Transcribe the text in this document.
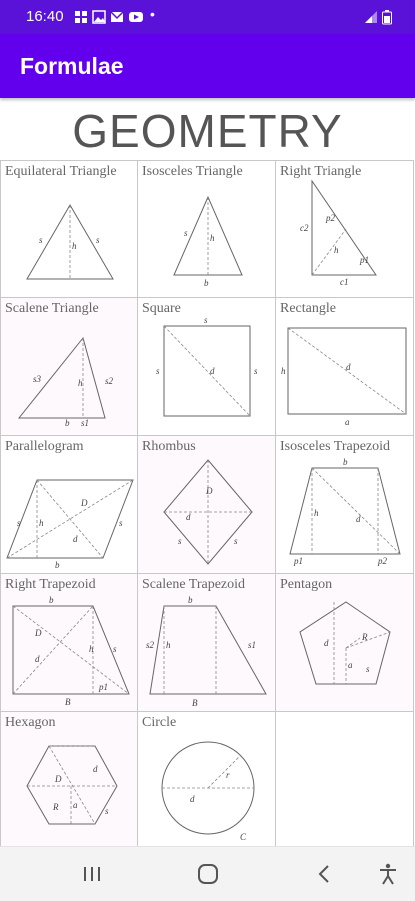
16:40	•
Formulae
GEOMETRY
Equilateral Triangle
s
h
s
Isosceles Triangle
s h
b
Right Triangle
c2
p2
h
p1
c1
Scalene Triangle
s3	h	s2
b s1
Square
s
s	d	s
Rectangle
h	d
a
Parallelogram
D
s h
d
s
b
Rhombus
D
d
s	s
Isosceles Trapezoid
b
h
d
p1	p2
Right Trapezoid
b
D
d
h s
p1
B
Scalene Trapezoid
b
s2 h	s1
B
Pentagon
R
d
a s
Hexagon
d
D
R a
s
Circle
r
d
C
